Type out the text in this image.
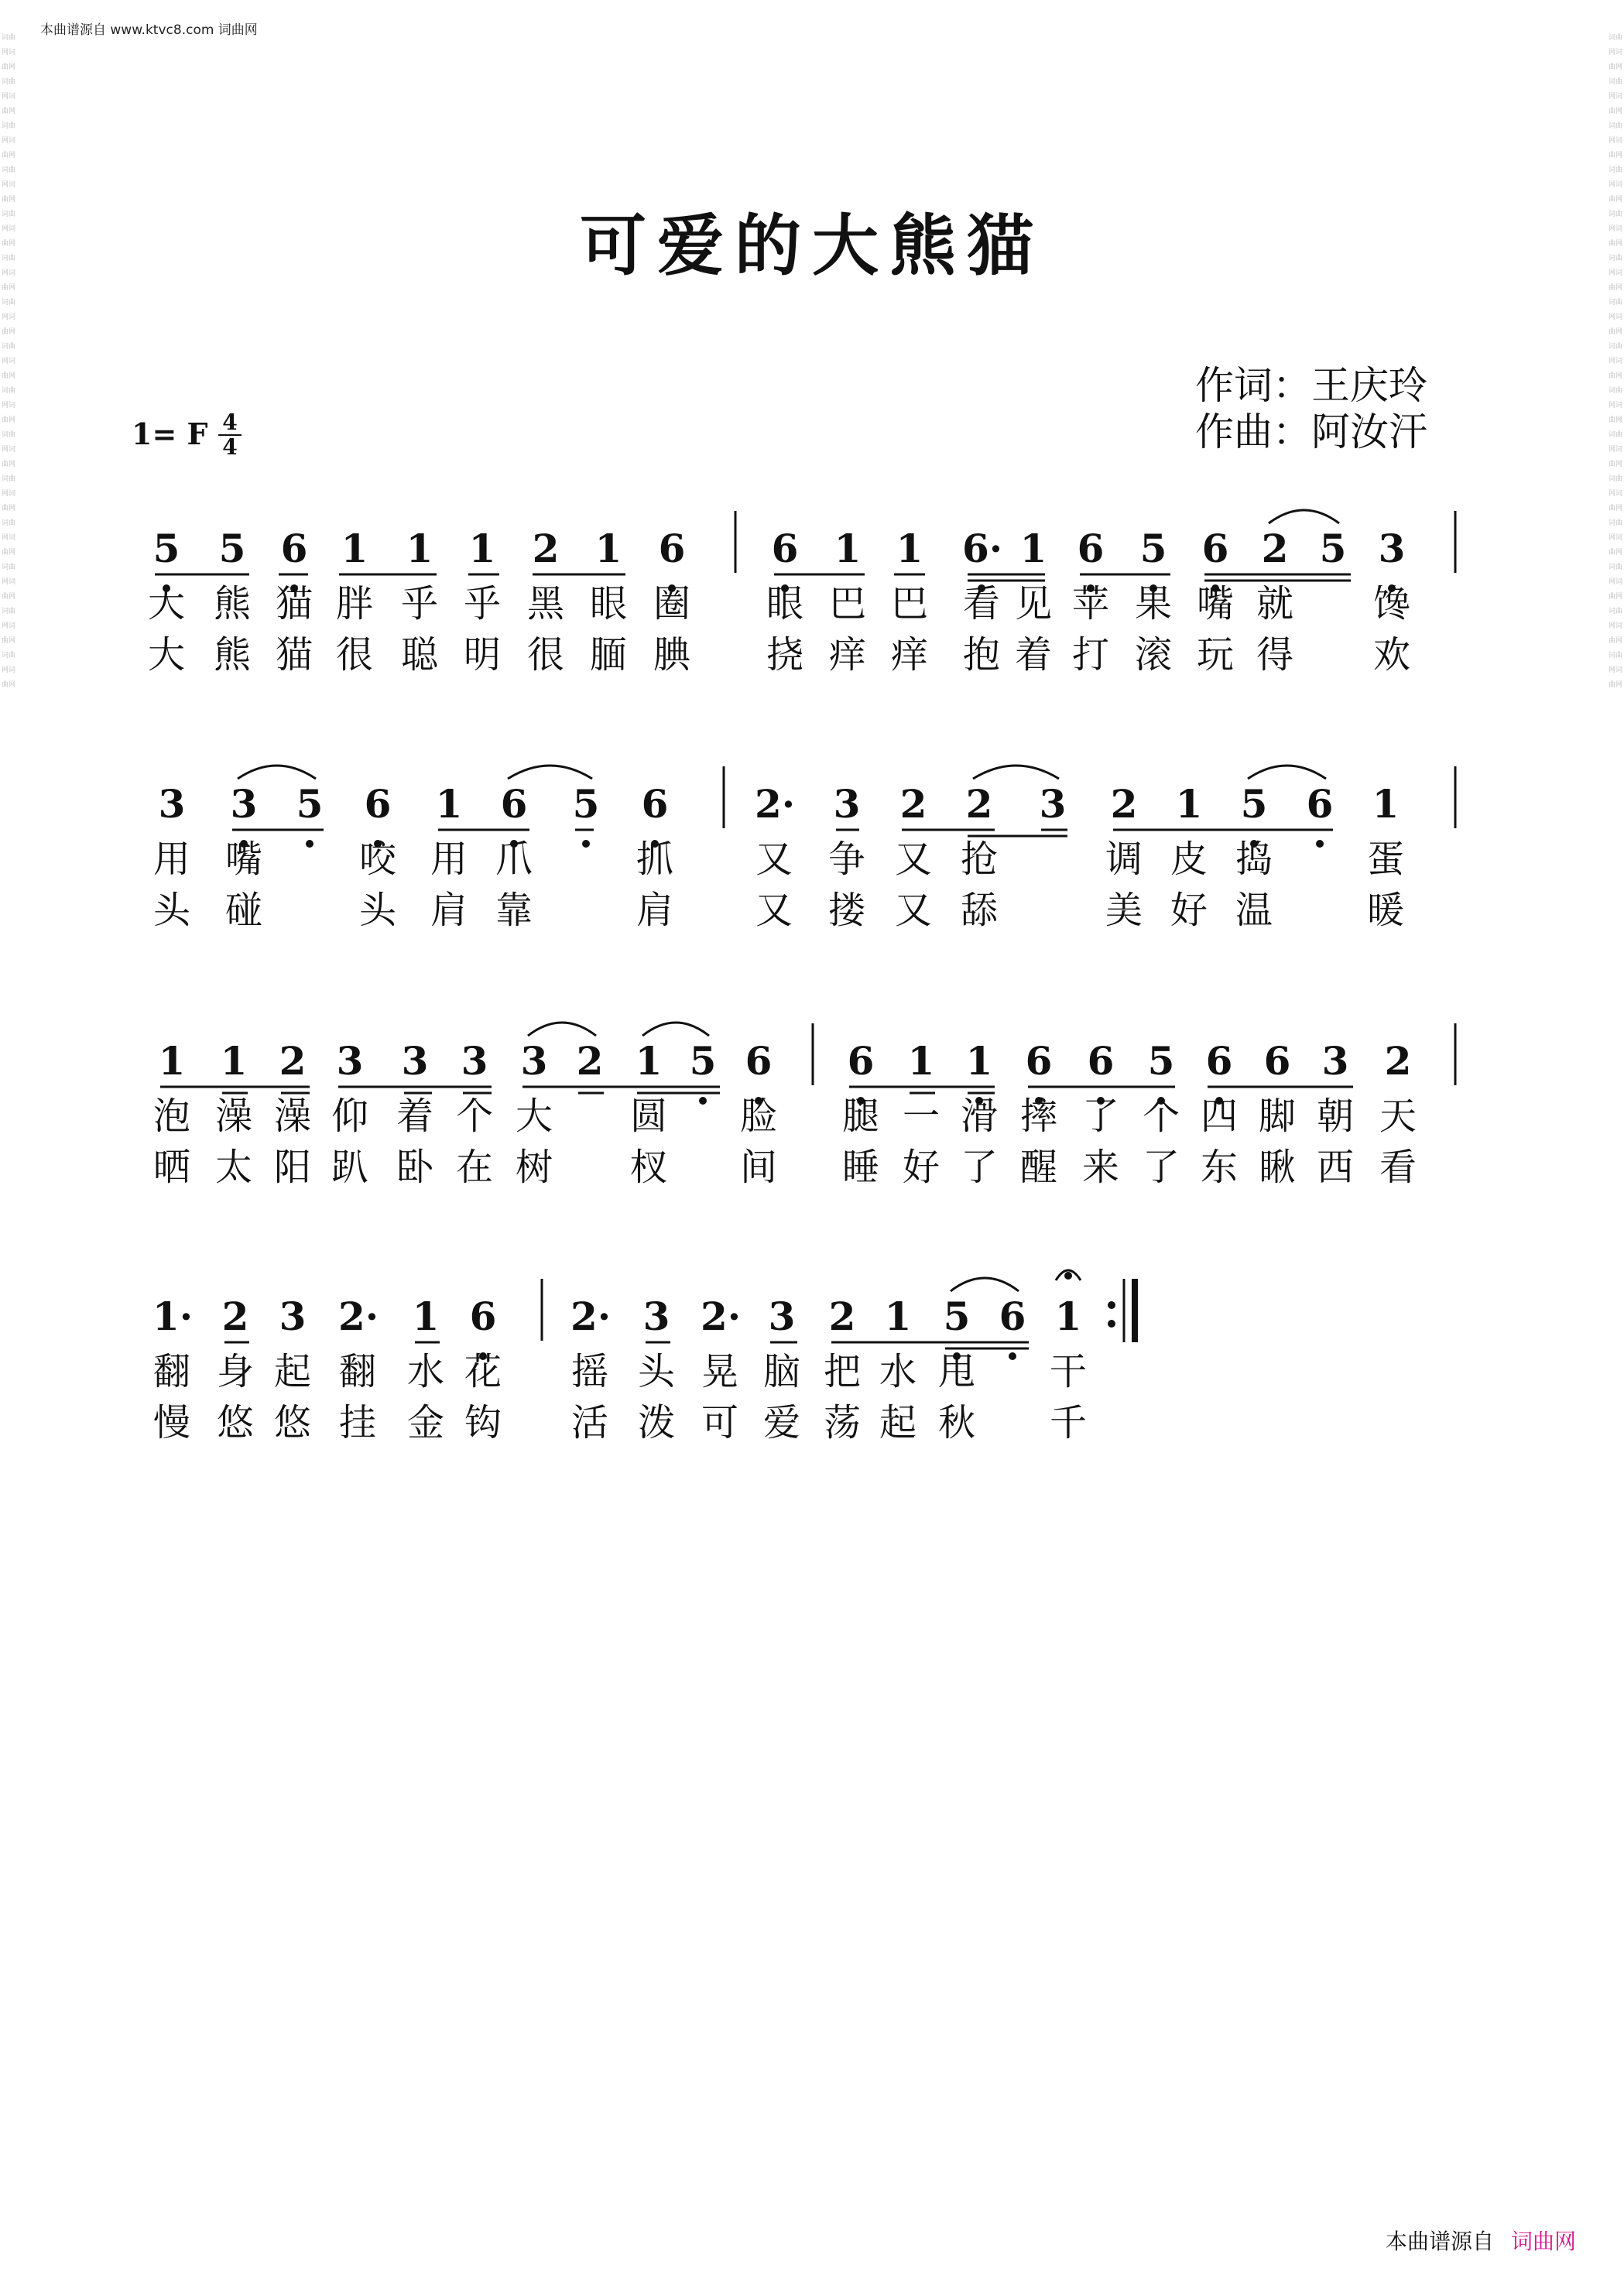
本曲谱源自 www.ktvc8.com 词曲网
词曲网词曲网词曲网词曲网词曲网词曲网词曲网词曲网词曲网词曲网词曲网词曲网词曲网词曲网词曲网词曲网词曲网词曲网词曲网词曲网词曲网词曲网词曲网词曲网词曲网词曲网词曲网词曲网词曲网词曲网
词曲网词曲网词曲网词曲网词曲网词曲网词曲网词曲网词曲网词曲网词曲网词曲网词曲网词曲网词曲网词曲网词曲网词曲网词曲网词曲网词曲网词曲网词曲网词曲网词曲网词曲网词曲网词曲网词曲网词曲网
可爱的大熊猫
作词：王庆玲
作曲：阿汝汗
1= F 4
4
本曲谱源自 词曲网
5 5 6 1 1 1 2 1 6 6 1 1 6· 1 6 5 6 2 5 3
大 熊 猫 胖 乎 乎 黑 眼 圈 眼 巴 巴 看 见 苹 果 嘴 就 馋
大 熊 猫 很 聪 明 很 腼 腆 挠 痒 痒 抱 着 打 滚 玩 得 欢
3 3 5 6 1 6 5 6 2· 3 2 2 3 2 1 5 6 1
用 嘴	咬 用 爪	抓 又 争 又 抢	调 皮 捣	蛋
头 碰	头 肩 靠	肩 又 搂 又 舔	美 好 温	暖
1 1 2 3 3 3 3 2 1 5 6 6 1 1 6 6 5 6 6 3 2
泡 澡 澡 仰 着 个 大 圆 脸 腿 一 滑 摔 了 个 四 脚 朝 天
晒 太 阳 趴 卧 在 树 杈 间 睡 好 了 醒 来 了 东 瞅 西 看
1· 2 3 2· 1 6 2· 3 2· 3 2 1 5 6 1
翻 身 起 翻 水 花 摇 头 晃 脑 把 水 甩 干
慢 悠 悠 挂 金 钩 活 泼 可 爱 荡 起 秋 千
